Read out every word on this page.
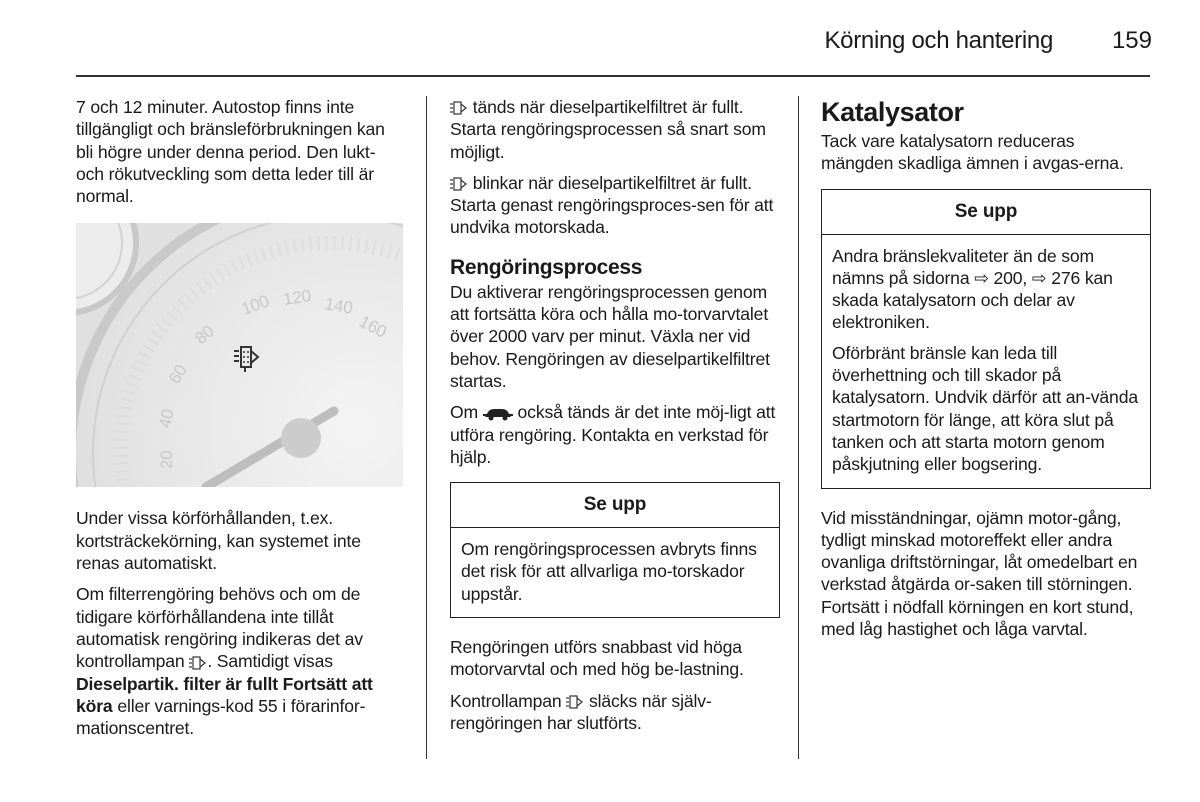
Körning och hantering 159

7 och 12 minuter. Autostop finns inte tillgängligt och bränsleförbrukningen kan bli högre under denna period. Den lukt- och rökutveckling som detta leder till är normal.

100 120 140
160
80
60
40
20

Under vissa körförhållanden, t.ex. kortsträckekörning, kan systemet inte renas automatiskt.

Om filterrengöring behövs och om de tidigare körförhållandena inte tillåt automatisk rengöring indikeras det av kontrollampan . Samtidigt visas Dieselpartik. filter är fullt Fortsätt att köra eller varnings-kod 55 i förarinfor-mationscentret.

tänds när dieselpartikelfiltret är fullt. Starta rengöringsprocessen så snart som möjligt.

blinkar när dieselpartikelfiltret är fullt. Starta genast rengöringsproces-sen för att undvika motorskada.

Rengöringsprocess

Du aktiverar rengöringsprocessen genom att fortsätta köra och hålla mo-torvarvtalet över 2000 varv per minut. Växla ner vid behov. Rengöringen av dieselpartikelfiltret startas.

Om  också tänds är det inte möj-ligt att utföra rengöring. Kontakta en verkstad för hjälp.

Se upp

Om rengöringsprocessen avbryts finns det risk för att allvarliga mo-torskador uppstår.

Rengöringen utförs snabbast vid höga motorvarvtal och med hög be-lastning.

Kontrollampan  släcks när själv-rengöringen har slutförts.

Katalysator

Tack vare katalysatorn reduceras mängden skadliga ämnen i avgas-erna.

Se upp

Andra bränslekvaliteter än de som nämns på sidorna ⇨ 200, ⇨ 276 kan skada katalysatorn och delar av elektroniken.

Oförbränt bränsle kan leda till överhettning och till skador på katalysatorn. Undvik därför att an-vända startmotorn för länge, att köra slut på tanken och att starta motorn genom påskjutning eller bogsering.

Vid misständningar, ojämn motor-gång, tydligt minskad motoreffekt eller andra ovanliga driftstörningar, låt omedelbart en verkstad åtgärda or-saken till störningen. Fortsätt i nödfall körningen en kort stund, med låg hastighet och låga varvtal.
